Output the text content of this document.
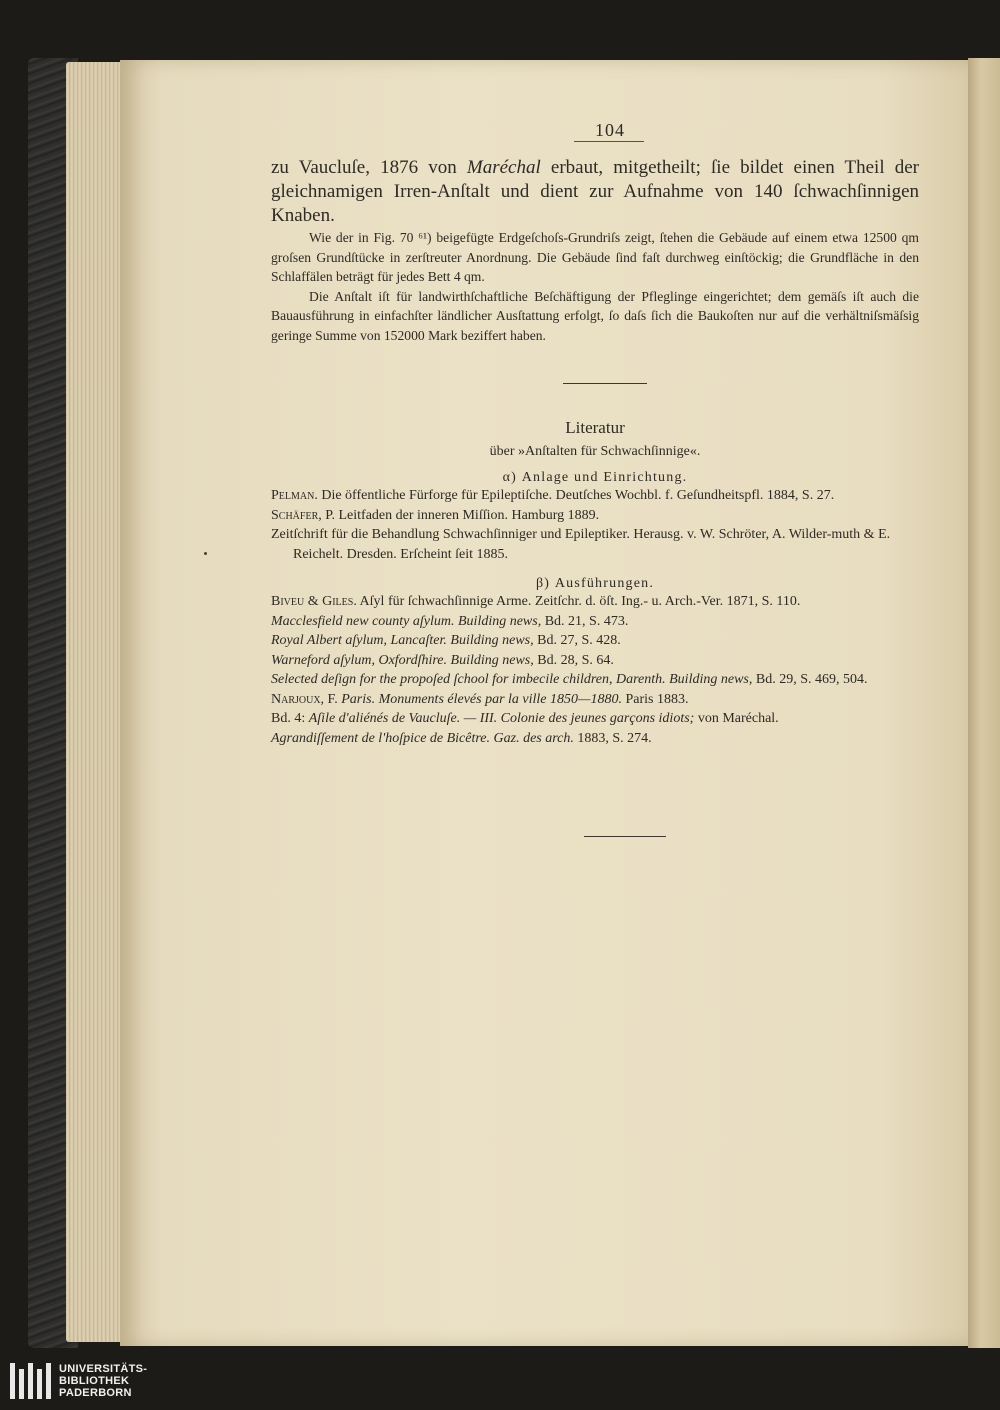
104

zu Vaucluſe, 1876 von Maréchal erbaut, mitgetheilt; ſie bildet einen Theil der gleichnamigen Irren-Anſtalt und dient zur Aufnahme von 140 ſchwachſinnigen Knaben.

Wie der in Fig. 70 ⁶¹) beigefügte Erdgeſchoſs-Grundriſs zeigt, ſtehen die Gebäude auf einem etwa 12500 qm groſsen Grundſtücke in zerſtreuter Anordnung. Die Gebäude ſind faſt durchweg einſtöckig; die Grundfläche in den Schlaffälen beträgt für jedes Bett 4 qm.

Die Anſtalt iſt für landwirthſchaftliche Beſchäftigung der Pfleglinge eingerichtet; dem gemäſs iſt auch die Bauausführung in einfachſter ländlicher Ausſtattung erfolgt, ſo daſs ſich die Baukoſten nur auf die verhältniſsmäſsig geringe Summe von 152000 Mark beziffert haben.

Literatur
über »Anſtalten für Schwachſinnige«.
α) Anlage und Einrichtung.

Pelman. Die öffentliche Fürforge für Epileptiſche. Deutſches Wochbl. f. Geſundheitspfl. 1884, S. 27.

Schäfer, P. Leitfaden der inneren Miſſion. Hamburg 1889.

Zeitſchrift für die Behandlung Schwachſinniger und Epileptiker. Herausg. v. W. Schröter, A. Wilder-muth & E. Reichelt. Dresden. Erſcheint ſeit 1885.

β) Ausführungen.

Biveu & Giles. Aſyl für ſchwachſinnige Arme. Zeitſchr. d. öſt. Ing.- u. Arch.-Ver. 1871, S. 110.

Macclesfield new county aſylum. Building news, Bd. 21, S. 473.

Royal Albert aſylum, Lancaſter. Building news, Bd. 27, S. 428.

Warneford aſylum, Oxfordſhire. Building news, Bd. 28, S. 64.

Selected deſign for the propoſed ſchool for imbecile children, Darenth. Building news, Bd. 29, S. 469, 504.

Narjoux, F. Paris. Monuments élevés par la ville 1850—1880. Paris 1883.

Bd. 4: Aſile d'aliénés de Vaucluſe. — III. Colonie des jeunes garçons idiots; von Maréchal.

Agrandiſſement de l'hoſpice de Bicêtre. Gaz. des arch. 1883, S. 274.

UNIVERSITÄTS-
BIBLIOTHEK
PADERBORN
